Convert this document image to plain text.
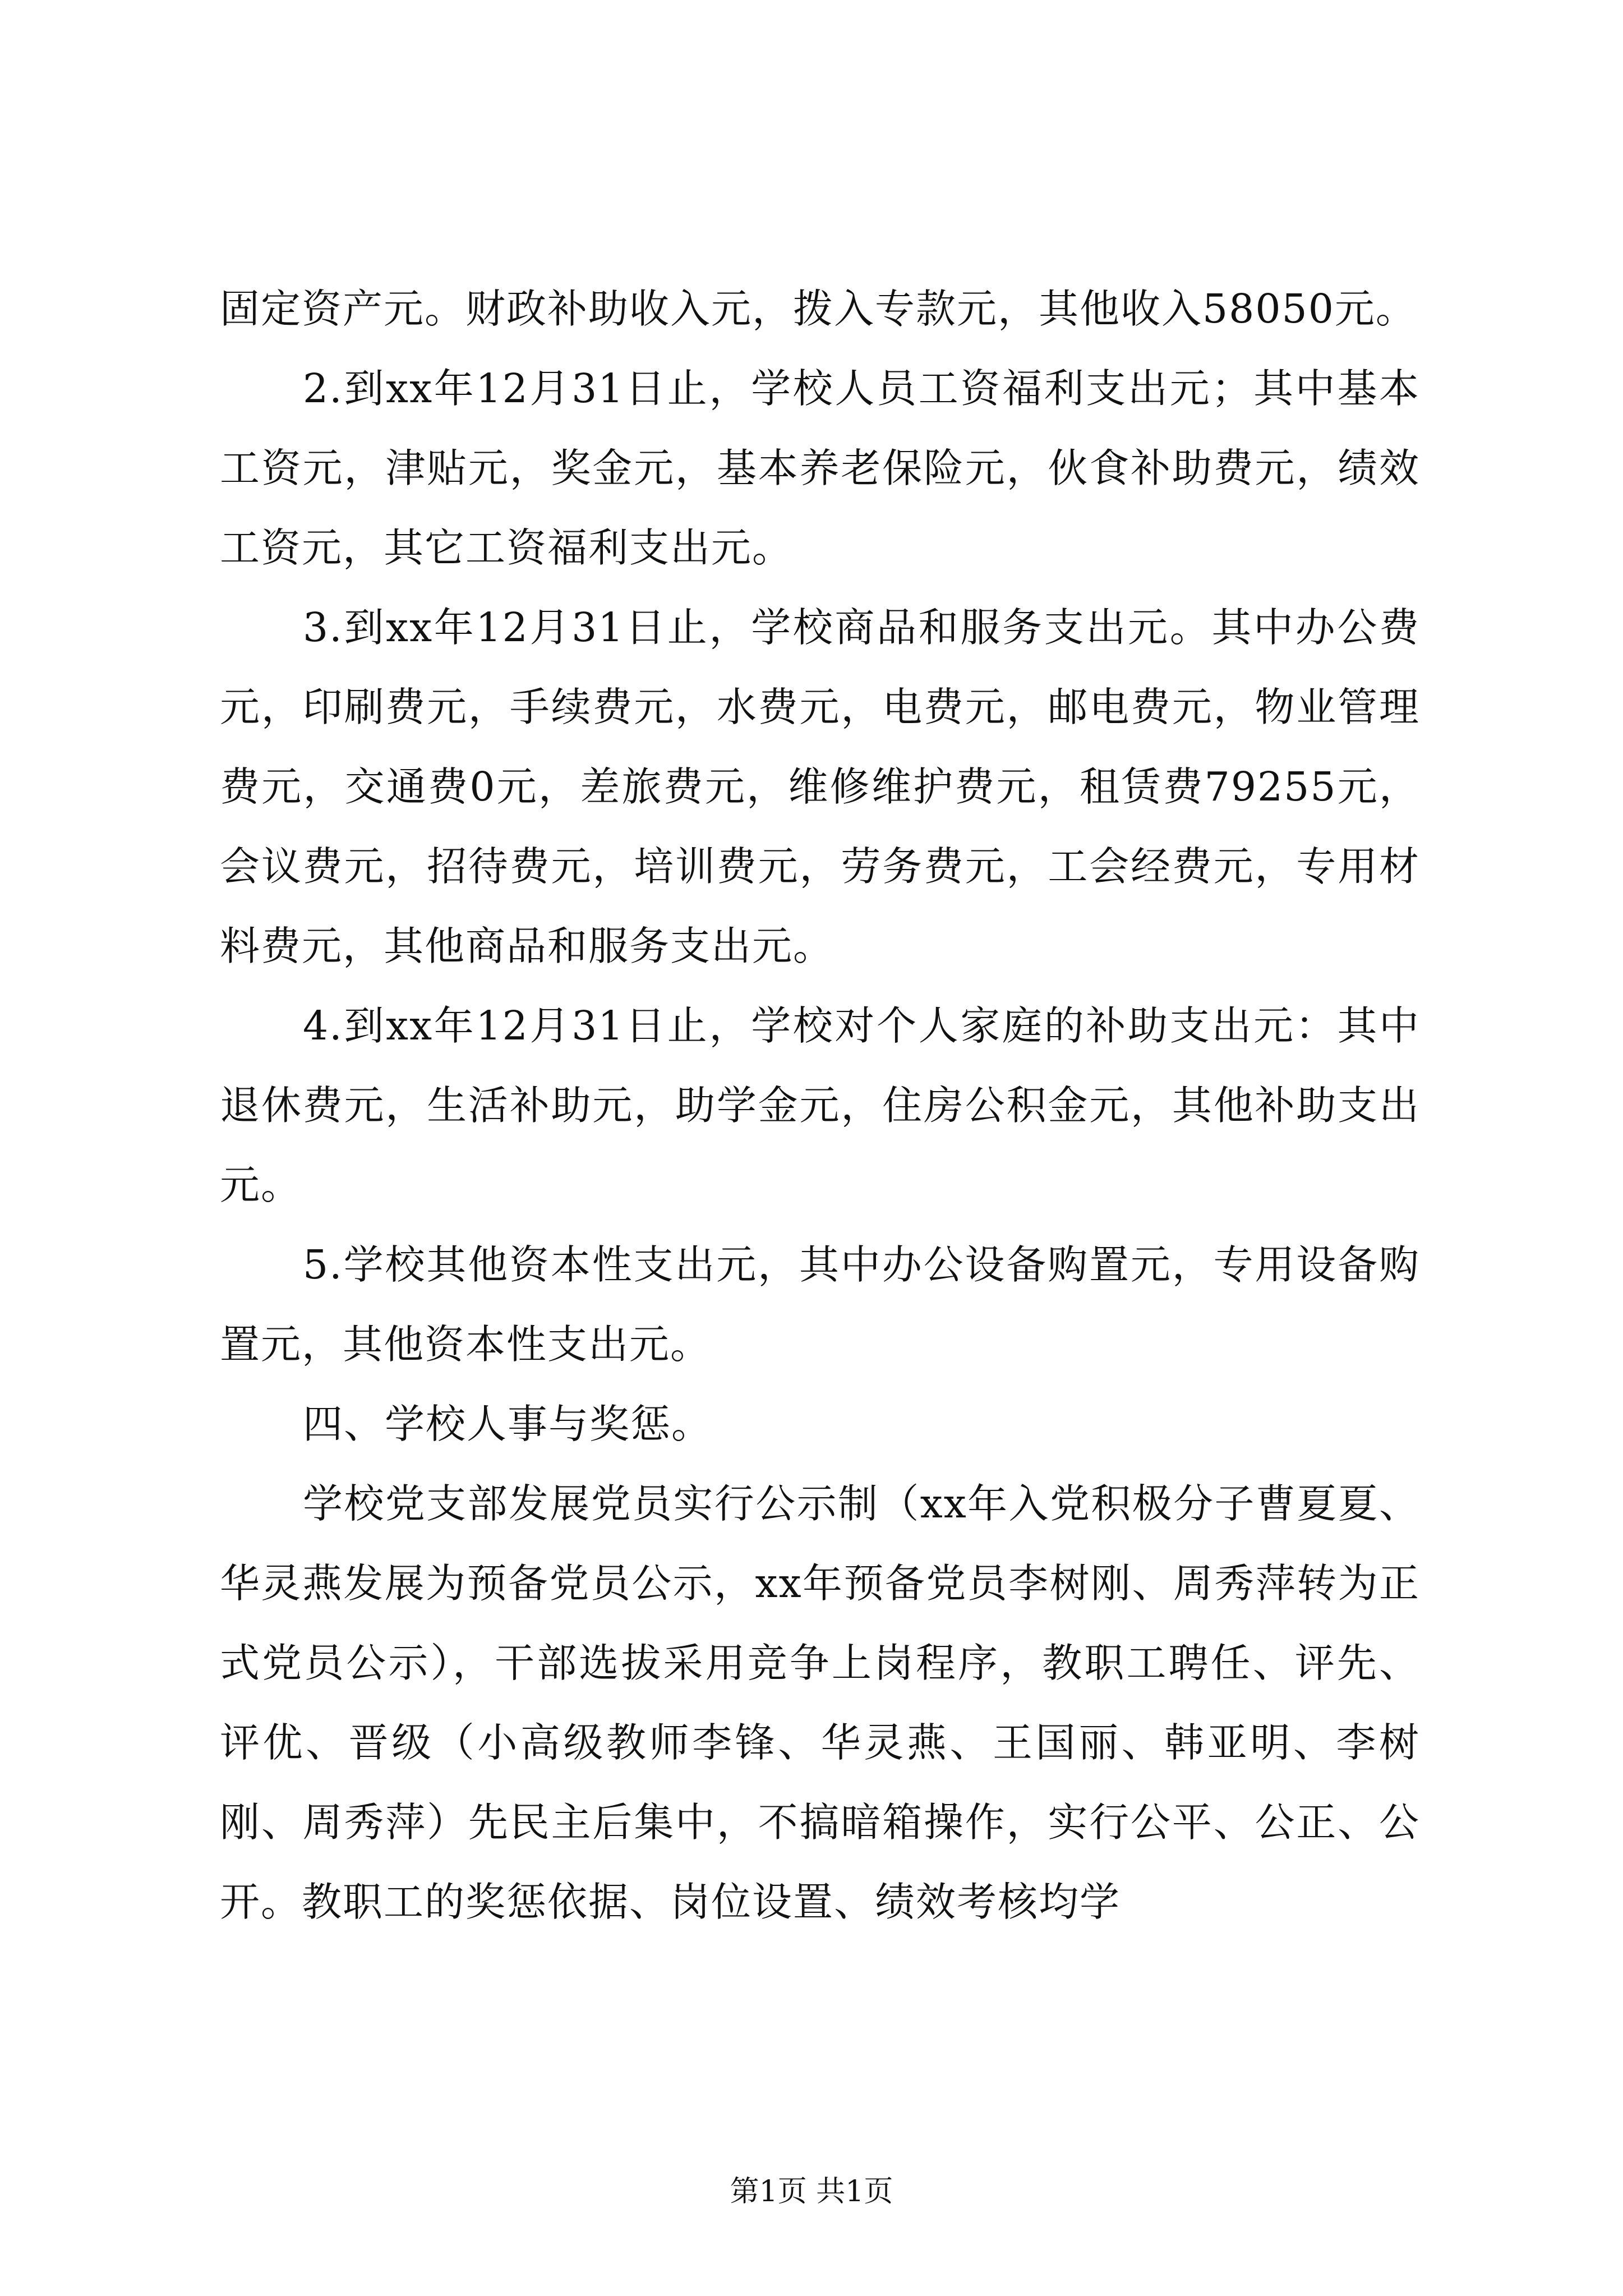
固定资产元。财政补助收入元，拨入专款元，其他收入58050元。

2.到xx年12月31日止，学校人员工资福利支出元；其中基本工资元，津贴元，奖金元，基本养老保险元，伙食补助费元，绩效工资元，其它工资福利支出元。

3.到xx年12月31日止，学校商品和服务支出元。其中办公费元，印刷费元，手续费元，水费元，电费元，邮电费元，物业管理费元，交通费0元，差旅费元，维修维护费元，租赁费79255元，会议费元，招待费元，培训费元，劳务费元，工会经费元，专用材料费元，其他商品和服务支出元。

4.到xx年12月31日止，学校对个人家庭的补助支出元：其中退休费元，生活补助元，助学金元，住房公积金元，其他补助支出元。

5.学校其他资本性支出元，其中办公设备购置元，专用设备购置元，其他资本性支出元。

四、学校人事与奖惩。

学校党支部发展党员实行公示制（xx年入党积极分子曹夏夏、华灵燕发展为预备党员公示，xx年预备党员李树刚、周秀萍转为正式党员公示），干部选拔采用竞争上岗程序，教职工聘任、评先、评优、晋级（小高级教师李锋、华灵燕、王国丽、韩亚明、李树刚、周秀萍）先民主后集中，不搞暗箱操作，实行公平、公正、公开。教职工的奖惩依据、岗位设置、绩效考核均学

第1页 共1页
